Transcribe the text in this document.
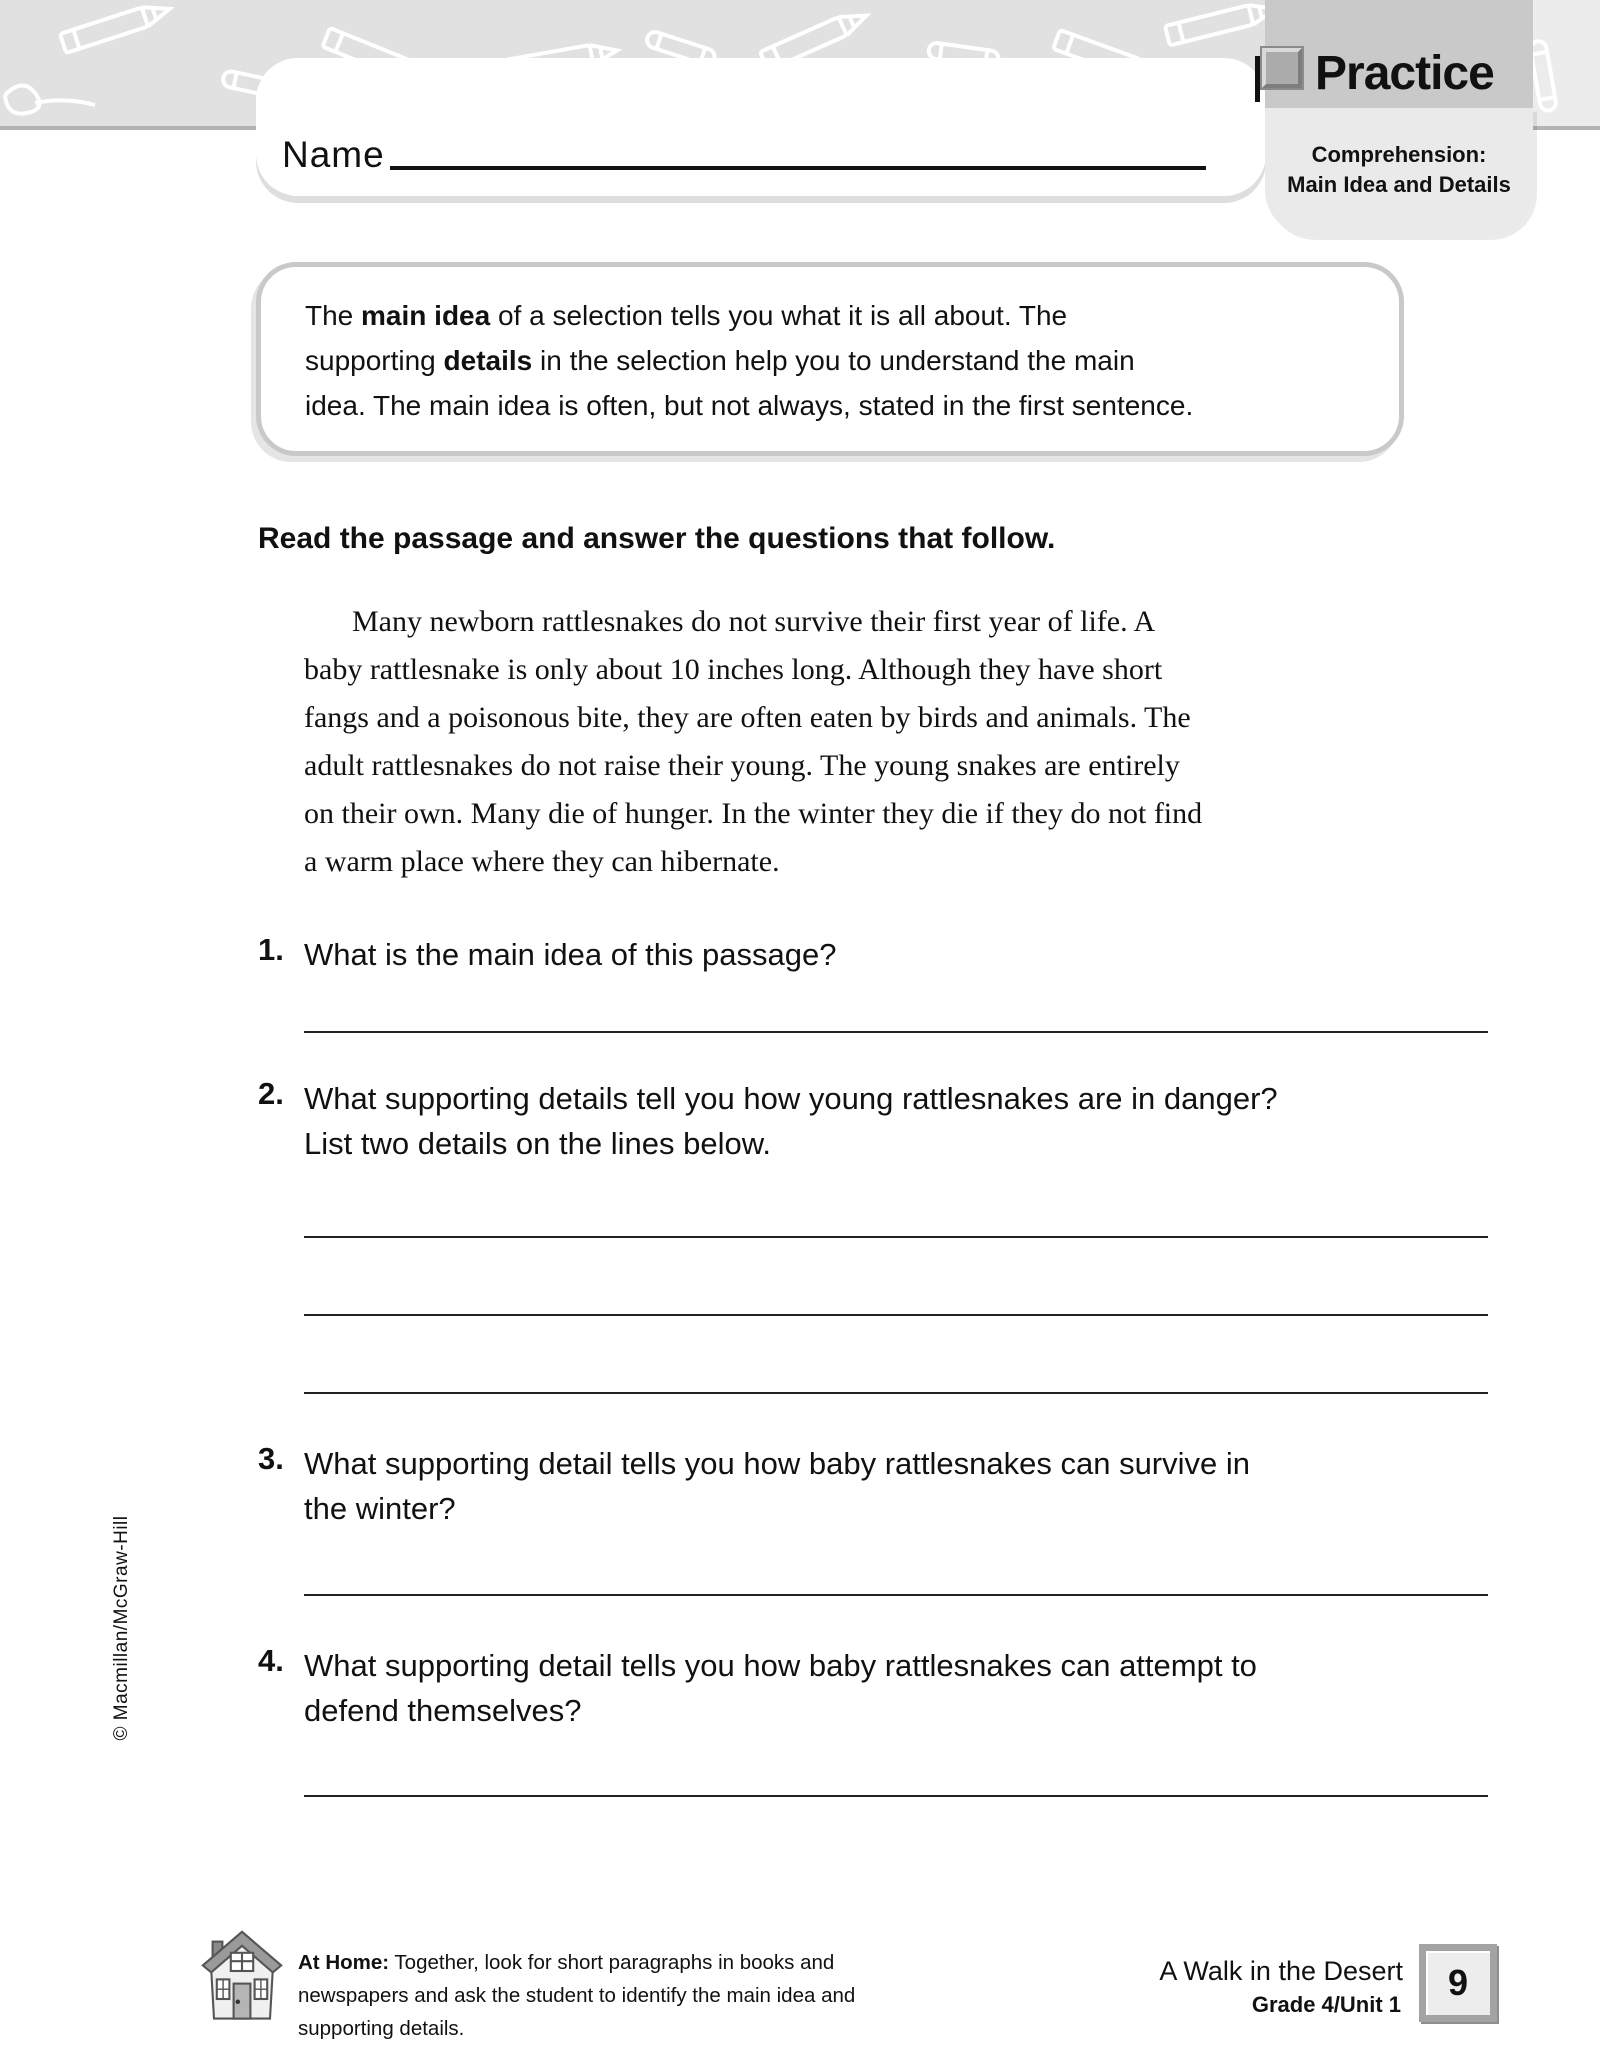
Name
Practice
Comprehension:
Main Idea and Details
The main idea of a selection tells you what it is all about. The
supporting details in the selection help you to understand the main
idea. The main idea is often, but not always, stated in the first sentence.
Read the passage and answer the questions that follow.
Many newborn rattlesnakes do not survive their first year of life. A
baby rattlesnake is only about 10 inches long. Although they have short
fangs and a poisonous bite, they are often eaten by birds and animals. The
adult rattlesnakes do not raise their young. The young snakes are entirely
on their own. Many die of hunger. In the winter they die if they do not find
a warm place where they can hibernate.
1. What is the main idea of this passage?
2. What supporting details tell you how young rattlesnakes are in danger?
List two details on the lines below.
3. What supporting detail tells you how baby rattlesnakes can survive in
the winter?
4. What supporting detail tells you how baby rattlesnakes can attempt to
defend themselves?
At Home: Together, look for short paragraphs in books and newspapers and ask the student to identify the main idea and supporting details.
A Walk in the Desert
Grade 4/Unit 1
9
© Macmillan/McGraw-Hill
